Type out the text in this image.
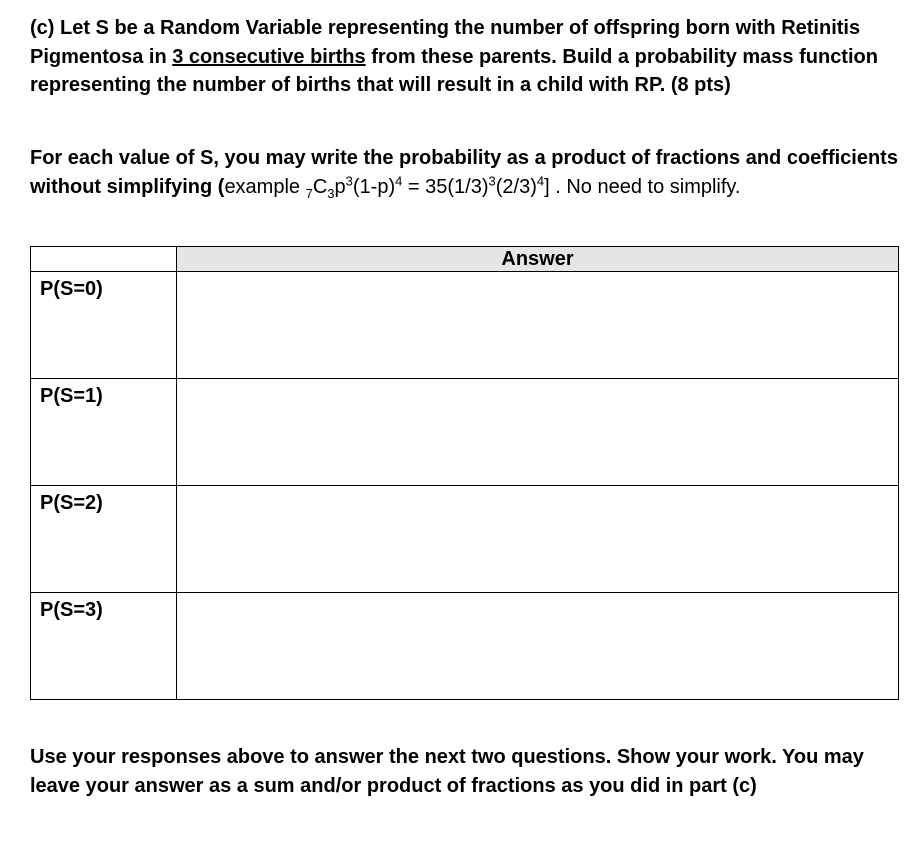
(c) Let S be a Random Variable representing the number of offspring born with Retinitis Pigmentosa in 3 consecutive births from these parents. Build a probability mass function representing the number of births that will result in a child with RP. (8 pts)

For each value of S, you may write the probability as a product of fractions and coefficients without simplifying (example $_7C_3p^3(1-p)^4 = 35(1/3)^3(2/3)^4$] . No need to simplify.

	Answer
P(S=0)	
P(S=1)	
P(S=2)	
P(S=3)	

Use your responses above to answer the next two questions. Show your work. You may leave your answer as a sum and/or product of fractions as you did in part (c)
